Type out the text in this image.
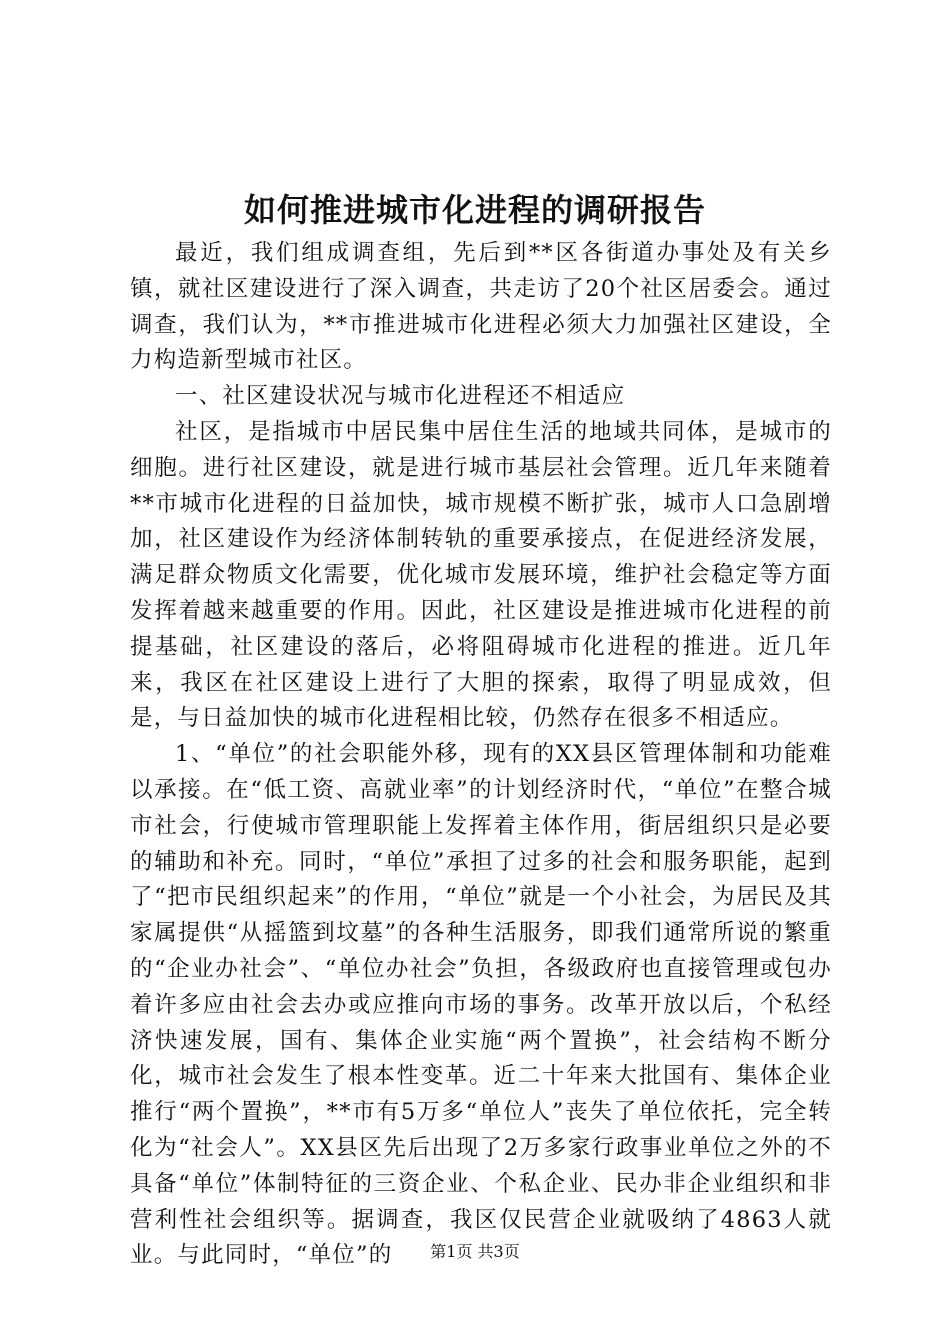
如何推进城市化进程的调研报告

最近，我们组成调查组，先后到**区各街道办事处及有关乡镇，就社区建设进行了深入调查，共走访了20个社区居委会。通过调查，我们认为，**市推进城市化进程必须大力加强社区建设，全力构造新型城市社区。

一、社区建设状况与城市化进程还不相适应

社区，是指城市中居民集中居住生活的地域共同体，是城市的细胞。进行社区建设，就是进行城市基层社会管理。近几年来随着**市城市化进程的日益加快，城市规模不断扩张，城市人口急剧增加，社区建设作为经济体制转轨的重要承接点，在促进经济发展，满足群众物质文化需要，优化城市发展环境，维护社会稳定等方面发挥着越来越重要的作用。因此，社区建设是推进城市化进程的前提基础，社区建设的落后，必将阻碍城市化进程的推进。近几年来，我区在社区建设上进行了大胆的探索，取得了明显成效，但是，与日益加快的城市化进程相比较，仍然存在很多不相适应。

1、“单位”的社会职能外移，现有的XX县区管理体制和功能难以承接。在“低工资、高就业率”的计划经济时代，“单位”在整合城市社会，行使城市管理职能上发挥着主体作用，街居组织只是必要的辅助和补充。同时，“单位”承担了过多的社会和服务职能，起到了“把市民组织起来”的作用，“单位”就是一个小社会，为居民及其家属提供“从摇篮到坟墓”的各种生活服务，即我们通常所说的繁重的“企业办社会”、“单位办社会”负担，各级政府也直接管理或包办着许多应由社会去办或应推向市场的事务。改革开放以后，个私经济快速发展，国有、集体企业实施“两个置换”，社会结构不断分化，城市社会发生了根本性变革。近二十年来大批国有、集体企业推行“两个置换”，**市有5万多“单位人”丧失了单位依托，完全转化为“社会人”。XX县区先后出现了2万多家行政事业单位之外的不具备“单位”体制特征的三资企业、个私企业、民办非企业组织和非营利性社会组织等。据调查，我区仅民营企业就吸纳了4863人就业。与此同时，“单位”的	第1页 共3页
